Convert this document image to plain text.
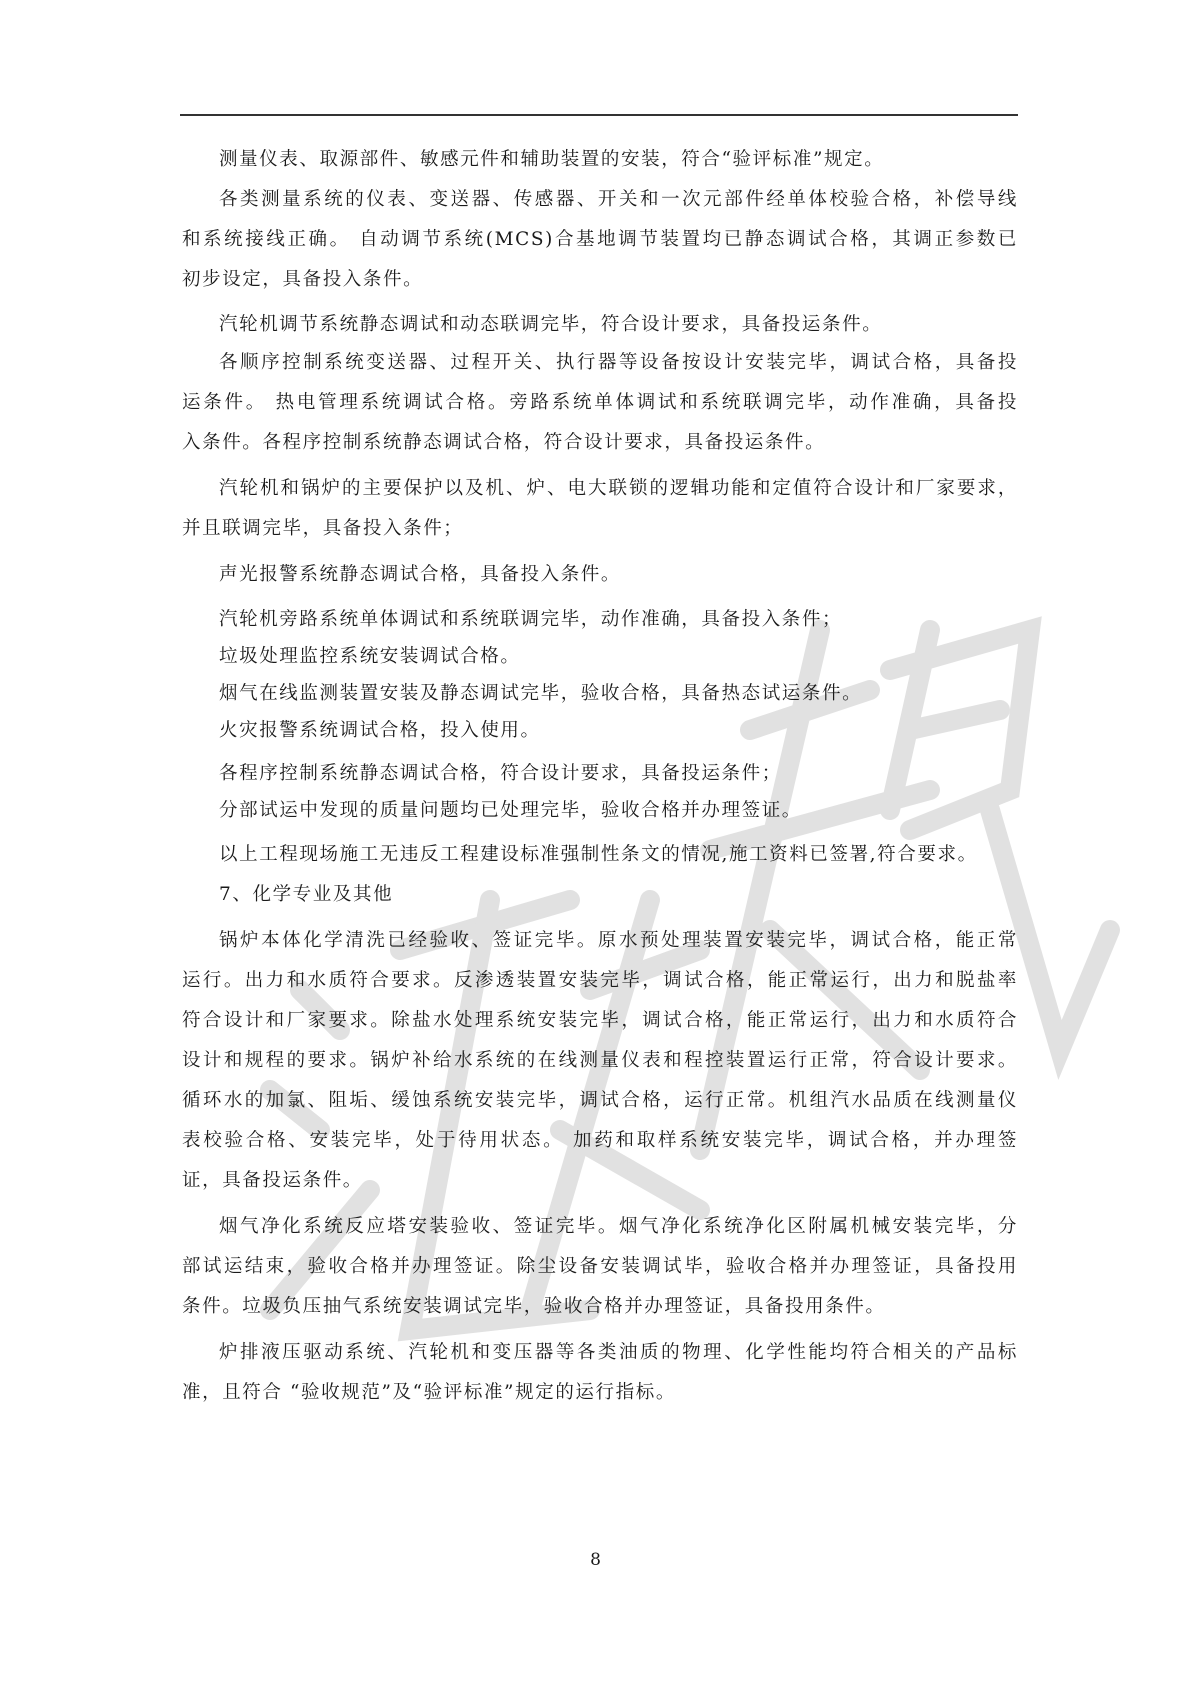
测量仪表、取源部件、敏感元件和辅助装置的安装，符合“验评标准”规定。
各类测量系统的仪表、变送器、传感器、开关和一次元部件经单体校验合格，补偿导线
和系统接线正确。 自动调节系统(MCS)合基地调节装置均已静态调试合格，其调正参数已
初步设定，具备投入条件。
汽轮机调节系统静态调试和动态联调完毕，符合设计要求，具备投运条件。
各顺序控制系统变送器、过程开关、执行器等设备按设计安装完毕，调试合格，具备投
运条件。 热电管理系统调试合格。旁路系统单体调试和系统联调完毕，动作准确，具备投
入条件。各程序控制系统静态调试合格，符合设计要求，具备投运条件。
汽轮机和锅炉的主要保护以及机、炉、电大联锁的逻辑功能和定值符合设计和厂家要求，
并且联调完毕，具备投入条件；
声光报警系统静态调试合格，具备投入条件。
汽轮机旁路系统单体调试和系统联调完毕，动作准确，具备投入条件；
垃圾处理监控系统安装调试合格。
烟气在线监测装置安装及静态调试完毕，验收合格，具备热态试运条件。
火灾报警系统调试合格，投入使用。
各程序控制系统静态调试合格，符合设计要求，具备投运条件；
分部试运中发现的质量问题均已处理完毕，验收合格并办理签证。
以上工程现场施工无违反工程建设标准强制性条文的情况,施工资料已签署,符合要求。
7、化学专业及其他
锅炉本体化学清洗已经验收、签证完毕。原水预处理装置安装完毕，调试合格，能正常
运行。出力和水质符合要求。反渗透装置安装完毕，调试合格，能正常运行，出力和脱盐率
符合设计和厂家要求。除盐水处理系统安装完毕，调试合格，能正常运行，出力和水质符合
设计和规程的要求。锅炉补给水系统的在线测量仪表和程控装置运行正常，符合设计要求。
循环水的加氯、阻垢、缓蚀系统安装完毕，调试合格，运行正常。机组汽水品质在线测量仪
表校验合格、安装完毕，处于待用状态。 加药和取样系统安装完毕，调试合格，并办理签
证，具备投运条件。
烟气净化系统反应塔安装验收、签证完毕。烟气净化系统净化区附属机械安装完毕，分
部试运结束，验收合格并办理签证。除尘设备安装调试毕，验收合格并办理签证，具备投用
条件。垃圾负压抽气系统安装调试完毕，验收合格并办理签证，具备投用条件。
炉排液压驱动系统、汽轮机和变压器等各类油质的物理、化学性能均符合相关的产品标
准，且符合 “验收规范”及“验评标准”规定的运行指标。
8
